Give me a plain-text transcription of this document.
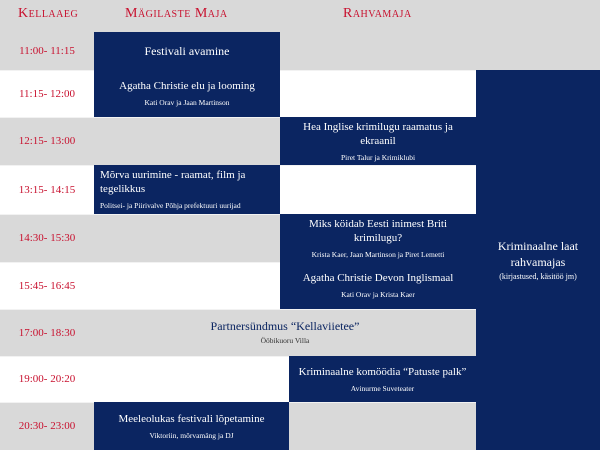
Kellaaeg	Mägilaste Maja	Rahvamaja
11:00- 11:15
11:15- 12:00
12:15- 13:00
13:15- 14:15
14:30- 15:30
15:45- 16:45
17:00- 18:30
19:00- 20:20
20:30- 23:00
Festivali avamine
Agatha Christie elu ja looming
Kati Orav ja Jaan Martinson
Hea Inglise krimilugu raamatus ja ekraanil
Piret Talur ja Krimiklubi
Mõrva uurimine - raamat, film ja tegelikkus
Politsei- ja Piirivalve Põhja prefektuuri uurijad
Miks köidab Eesti inimest Briti krimilugu?
Krista Kaer, Jaan Martinson ja Piret Lemetti
Agatha Christie Devon Inglismaal
Kati Orav ja Krista Kaer
Partnersündmus “Kellaviietee”
Ööbikuoru Villa
Kriminaalne komöödia “Patuste palk”
Avinurme Suveteater
Meeleolukas festivali lõpetamine
Viktoriin, mõrvamäng ja DJ
Kriminaalne laat rahvamajas
(kirjastused, käsitöö jm)
